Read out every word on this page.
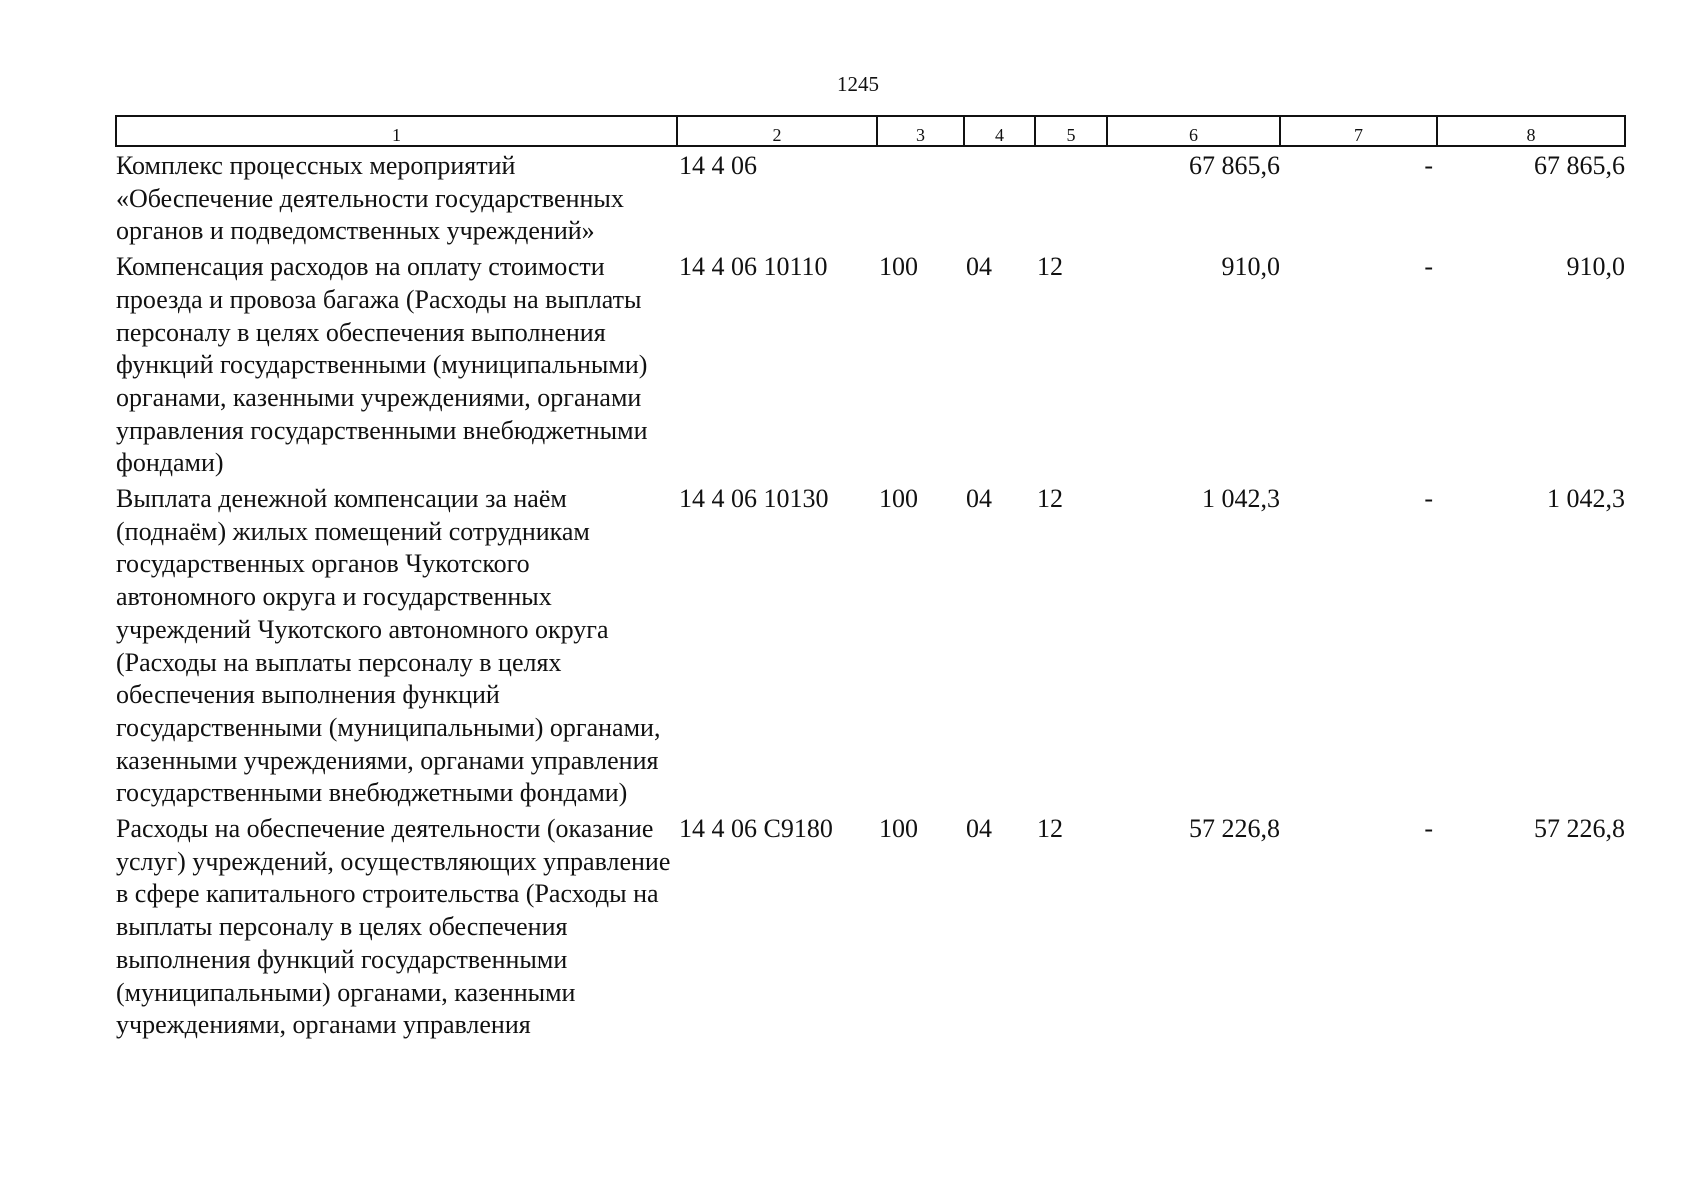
1245
1	2	3	4	5	6	7	8
Комплекс процессных мероприятий «Обеспечение деятельности государственных органов и подведомственных учреждений»	14 4 06				67 865,6	-	67 865,6
Компенсация расходов на оплату стоимости проезда и провоза багажа (Расходы на выплаты персоналу в целях обеспечения выполнения функций государственными (муниципальными) органами, казенными учреждениями, органами управления государственными внебюджетными фондами)	14 4 06 10110	100	04	12	910,0	-	910,0
Выплата денежной компенсации за наём (поднаём) жилых помещений сотрудникам государственных органов Чукотского автономного округа и государственных учреждений Чукотского автономного округа (Расходы на выплаты персоналу в целях обеспечения выполнения функций государственными (муниципальными) органами, казенными учреждениями, органами управления государственными внебюджетными фондами)	14 4 06 10130	100	04	12	1 042,3	-	1 042,3
Расходы на обеспечение деятельности (оказание услуг) учреждений, осуществляющих управление в сфере капитального строительства (Расходы на выплаты персоналу в целях обеспечения выполнения функций государственными (муниципальными) органами, казенными учреждениями, органами управления	14 4 06 С9180	100	04	12	57 226,8	-	57 226,8
